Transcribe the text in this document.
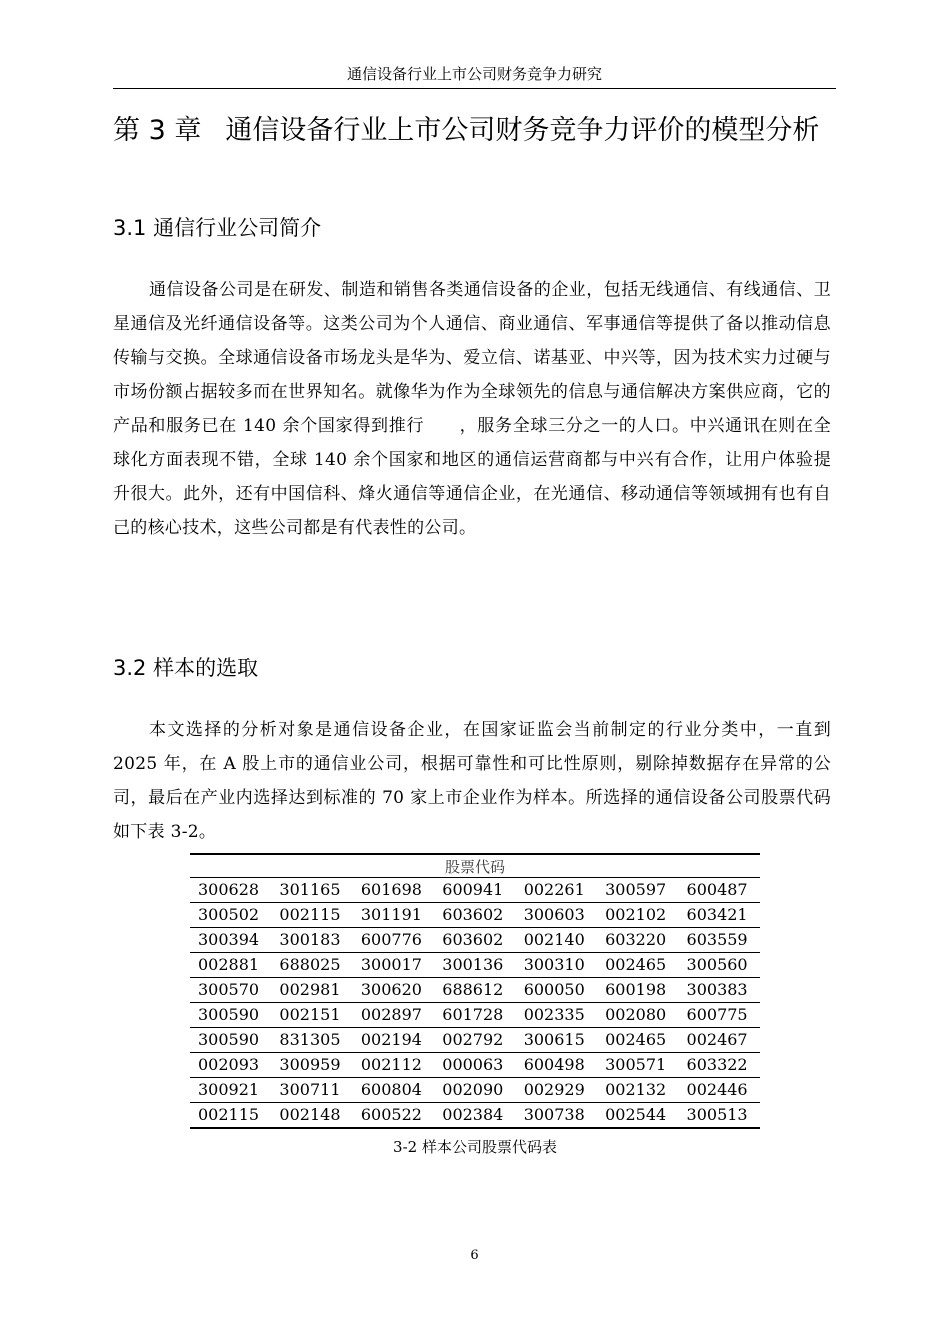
通信设备行业上市公司财务竞争力研究
第 3 章 通信设备行业上市公司财务竞争力评价的模型分析
3.1 通信行业公司简介

通信设备公司是在研发、制造和销售各类通信设备的企业，包括无线通信、有线通信、卫星通信及光纤通信设备等。这类公司为个人通信、商业通信、军事通信等提供了备以推动信息传输与交换。全球通信设备市场龙头是华为、爱立信、诺基亚、中兴等，因为技术实力过硬与市场份额占据较多而在世界知名。就像华为作为全球领先的信息与通信解决方案供应商，它的产品和服务已在 140 余个国家得到推行　　，服务全球三分之一的人口。中兴通讯在则在全球化方面表现不错，全球 140 余个国家和地区的通信运营商都与中兴有合作，让用户体验提升很大。此外，还有中国信科、烽火通信等通信企业，在光通信、移动通信等领域拥有也有自己的核心技术，这些公司都是有代表性的公司。

3.2 样本的选取

本文选择的分析对象是通信设备企业，在国家证监会当前制定的行业分类中，一直到 2025 年，在 A 股上市的通信业公司，根据可靠性和可比性原则，剔除掉数据存在异常的公司，最后在产业内选择达到标准的 70 家上市企业作为样本。所选择的通信设备公司股票代码如下表 3-2。

股票代码						
300628	301165	601698	600941	002261	300597	600487
300502	002115	301191	603602	300603	002102	603421
300394	300183	600776	603602	002140	603220	603559
002881	688025	300017	300136	300310	002465	300560
300570	002981	300620	688612	600050	600198	300383
300590	002151	002897	601728	002335	002080	600775
300590	831305	002194	002792	300615	002465	002467
002093	300959	002112	000063	600498	300571	603322
300921	300711	600804	002090	002929	002132	002446
002115	002148	600522	002384	300738	002544	300513
3-2 样本公司股票代码表
6
